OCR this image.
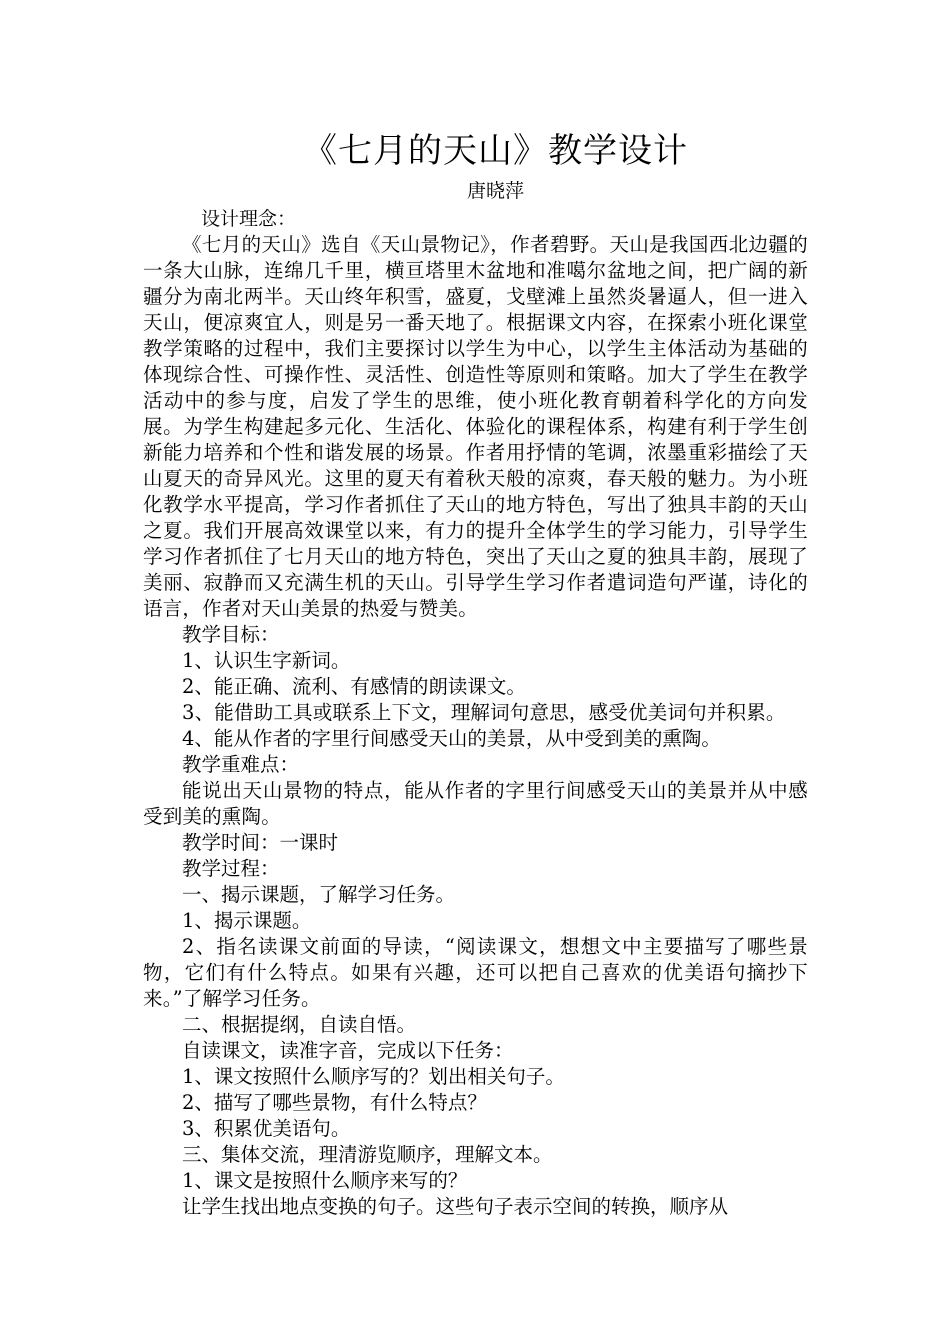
《七月的天山》教学设计
唐晓萍
设计理念：

《七月的天山》选自《天山景物记》，作者碧野。天山是我国西北边疆的一条大山脉，连绵几千里，横亘塔里木盆地和准噶尔盆地之间，把广阔的新疆分为南北两半。天山终年积雪，盛夏，戈壁滩上虽然炎暑逼人，但一进入天山，便凉爽宜人，则是另一番天地了。根据课文内容，在探索小班化课堂教学策略的过程中，我们主要探讨以学生为中心，以学生主体活动为基础的体现综合性、可操作性、灵活性、创造性等原则和策略。加大了学生在教学活动中的参与度，启发了学生的思维，使小班化教育朝着科学化的方向发展。为学生构建起多元化、生活化、体验化的课程体系，构建有利于学生创新能力培养和个性和谐发展的场景。作者用抒情的笔调，浓墨重彩描绘了天山夏天的奇异风光。这里的夏天有着秋天般的凉爽，春天般的魅力。为小班化教学水平提高，学习作者抓住了天山的地方特色，写出了独具丰韵的天山之夏。我们开展高效课堂以来，有力的提升全体学生的学习能力，引导学生学习作者抓住了七月天山的地方特色，突出了天山之夏的独具丰韵，展现了美丽、寂静而又充满生机的天山。引导学生学习作者遣词造句严谨，诗化的语言，作者对天山美景的热爱与赞美。

教学目标：

1、认识生字新词。

2、能正确、流利、有感情的朗读课文。

3、能借助工具或联系上下文，理解词句意思，感受优美词句并积累。

4、能从作者的字里行间感受天山的美景，从中受到美的熏陶。

教学重难点：

能说出天山景物的特点，能从作者的字里行间感受天山的美景并从中感受到美的熏陶。

教学时间：一课时

教学过程：

一、揭示课题，了解学习任务。

1、揭示课题。

2、指名读课文前面的导读，“阅读课文，想想文中主要描写了哪些景物，它们有什么特点。如果有兴趣，还可以把自己喜欢的优美语句摘抄下来。”了解学习任务。

二、根据提纲，自读自悟。

自读课文，读准字音，完成以下任务：

1、课文按照什么顺序写的？划出相关句子。

2、描写了哪些景物，有什么特点？

3、积累优美语句。

三、集体交流，理清游览顺序，理解文本。

1、课文是按照什么顺序来写的？

让学生找出地点变换的句子。这些句子表示空间的转换，顺序从
